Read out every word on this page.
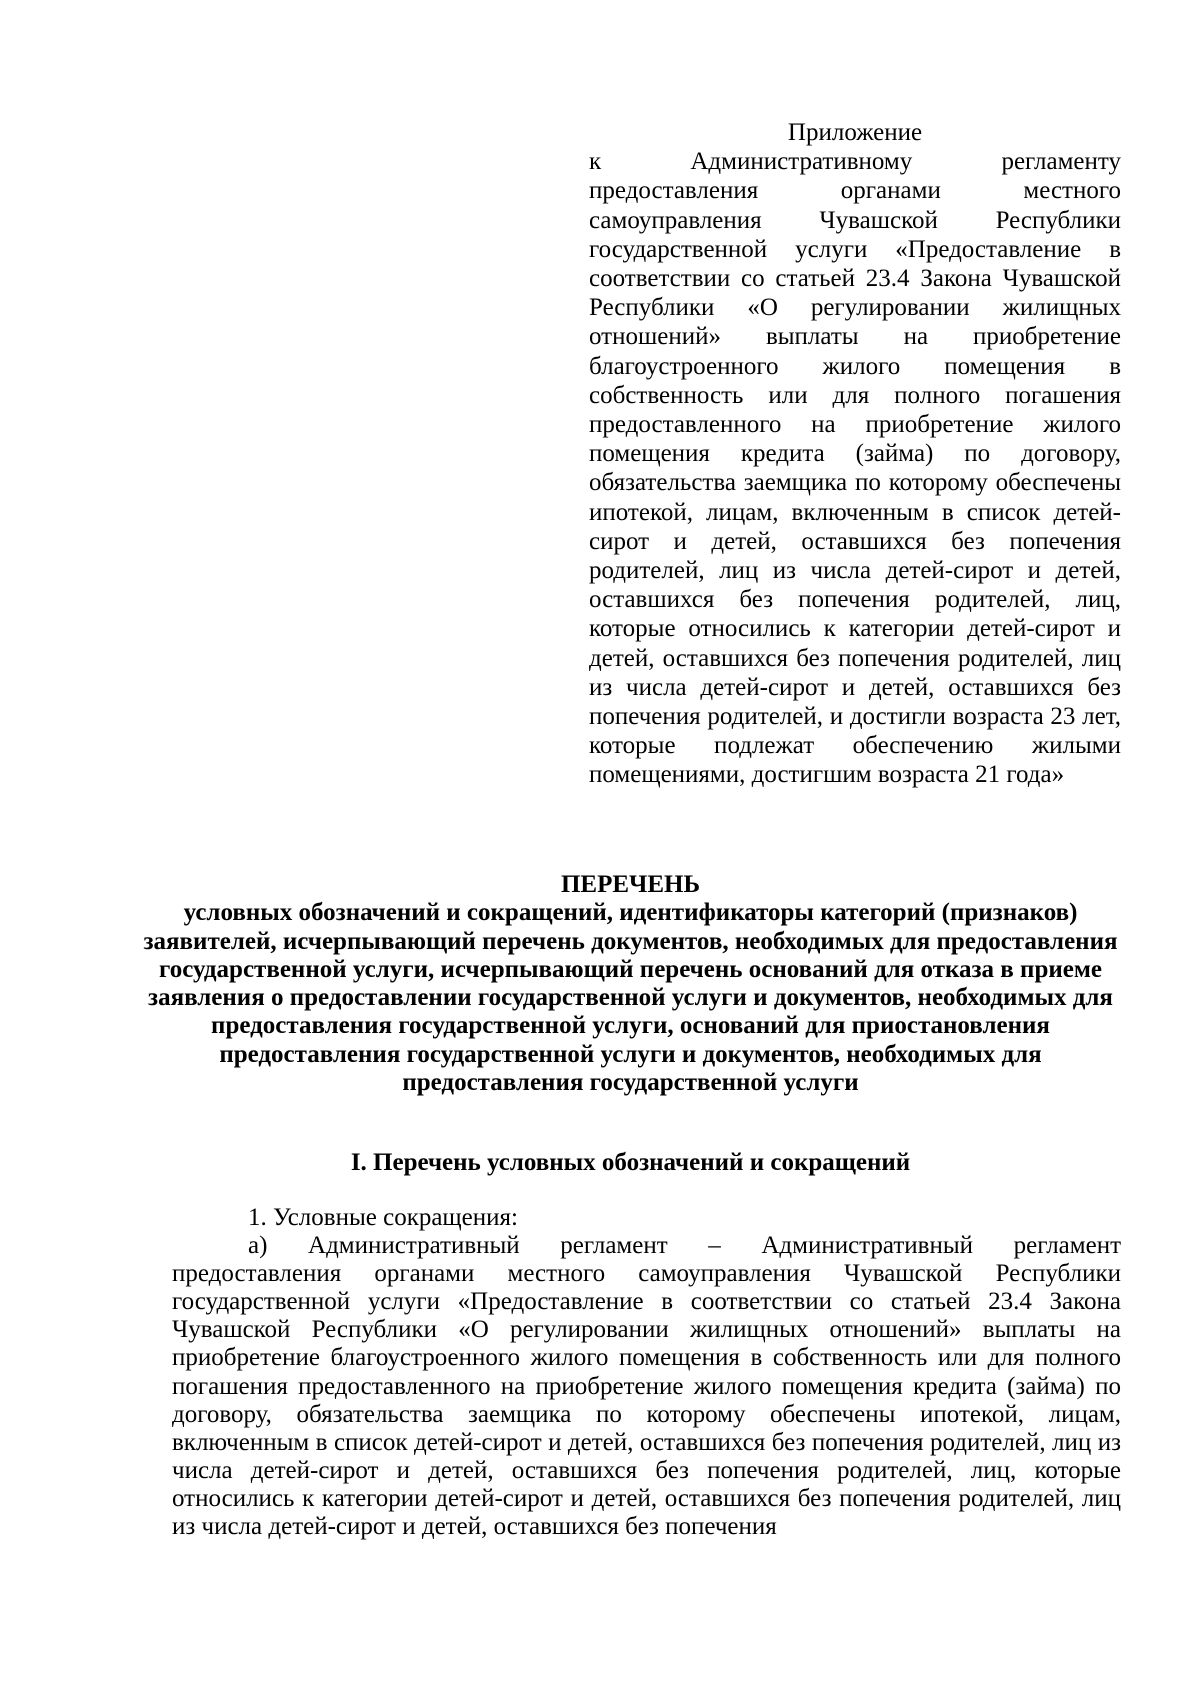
Приложение
к Административному регламенту предоставления органами местного самоуправления Чувашской Республики государственной услуги «Предоставление в соответствии со статьей 23.4 Закона Чувашской Республики «О регулировании жилищных отношений» выплаты на приобретение благоустроенного жилого помещения в собственность или для полного погашения предоставленного на приобретение жилого помещения кредита (займа) по договору, обязательства заемщика по которому обеспечены ипотекой, лицам, включенным в список детей-сирот и детей, оставшихся без попечения родителей, лиц из числа детей-сирот и детей, оставшихся без попечения родителей, лиц, которые относились к категории детей-сирот и детей, оставшихся без попечения родителей, лиц из числа детей-сирот и детей, оставшихся без попечения родителей, и достигли возраста 23 лет, которые подлежат обеспечению жилыми помещениями, достигшим возраста 21 года»
ПЕРЕЧЕНЬ
условных обозначений и сокращений, идентификаторы категорий (признаков) заявителей, исчерпывающий перечень документов, необходимых для предоставления государственной услуги, исчерпывающий перечень оснований для отказа в приеме заявления о предоставлении государственной услуги и документов, необходимых для предоставления государственной услуги, оснований для приостановления предоставления государственной услуги и документов, необходимых для предоставления государственной услуги
I. Перечень условных обозначений и сокращений

1. Условные сокращения:

а) Административный регламент – Административный регламент предоставления органами местного самоуправления Чувашской Республики государственной услуги «Предоставление в соответствии со статьей 23.4 Закона Чувашской Республики «О регулировании жилищных отношений» выплаты на приобретение благоустроенного жилого помещения в собственность или для полного погашения предоставленного на приобретение жилого помещения кредита (займа) по договору, обязательства заемщика по которому обеспечены ипотекой, лицам, включенным в список детей-сирот и детей, оставшихся без попечения родителей, лиц из числа детей-сирот и детей, оставшихся без попечения родителей, лиц, которые относились к категории детей-сирот и детей, оставшихся без попечения родителей, лиц из числа детей-сирот и детей, оставшихся без попечения
